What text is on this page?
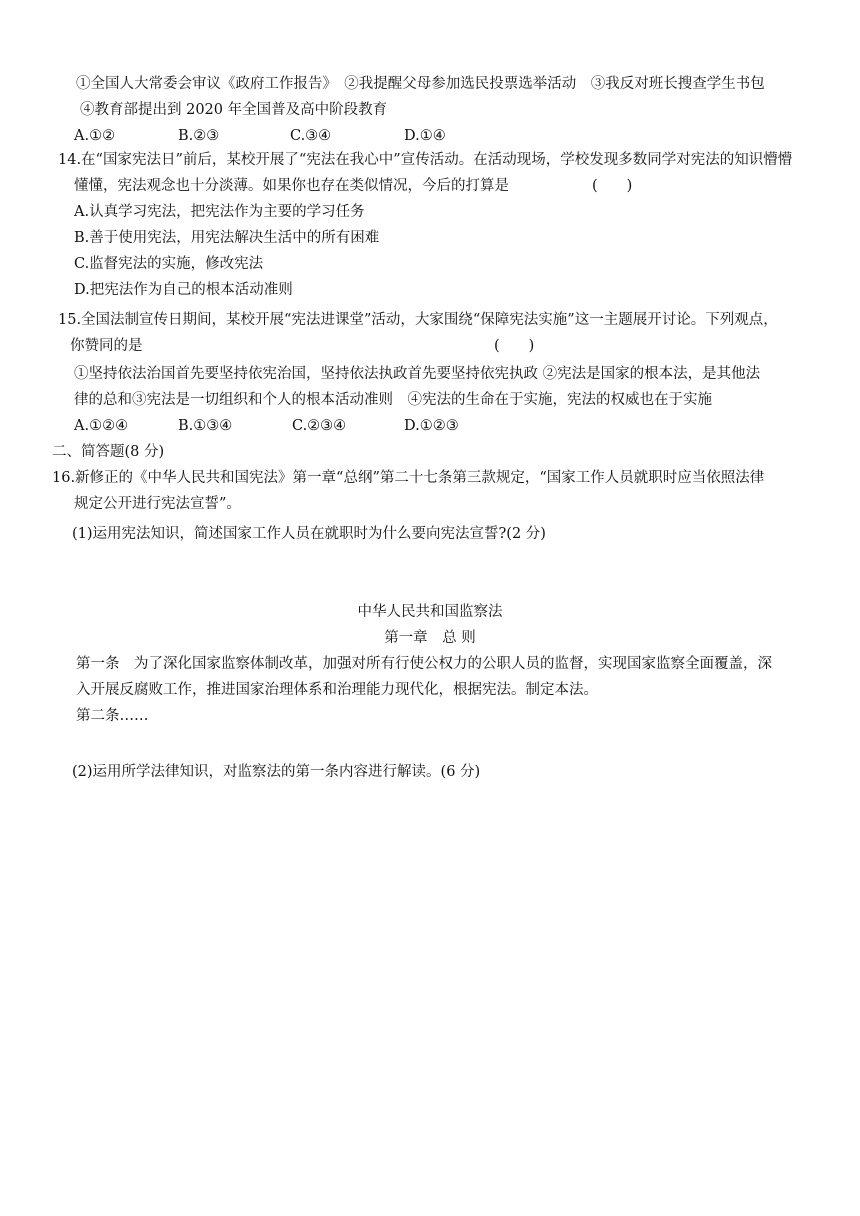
①全国人大常委会审议《政府工作报告》　②我提醒父母参加选民投票选举活动　③我反对班长搜查学生书包
④教育部提出到 2020 年全国普及高中阶段教育
A.①②	B.②③	C.③④	D.①④
14.在“国家宪法日”前后，某校开展了“宪法在我心中”宣传活动。在活动现场，学校发现多数同学对宪法的知识懵懵
懂懂，宪法观念也十分淡薄。如果你也存在类似情况，今后的打算是	(　　)
A.认真学习宪法，把宪法作为主要的学习任务
B.善于使用宪法，用宪法解决生活中的所有困难
C.监督宪法的实施，修改宪法
D.把宪法作为自己的根本活动准则
15.全国法制宣传日期间，某校开展“宪法进课堂”活动，大家围绕“保障宪法实施”这一主题展开讨论。下列观点，
你赞同的是	(　　)
①坚持依法治国首先要坚持依宪治国，坚持依法执政首先要坚持依宪执政 ②宪法是国家的根本法，是其他法
律的总和③宪法是一切组织和个人的根本活动准则　④宪法的生命在于实施，宪法的权威也在于实施
A.①②④	B.①③④	C.②③④	D.①②③
二、简答题(8 分)
16.新修正的《中华人民共和国宪法》第一章“总纲”第二十七条第三款规定，“国家工作人员就职时应当依照法律
规定公开进行宪法宣誓”。
(1)运用宪法知识，简述国家工作人员在就职时为什么要向宪法宣誓?(2 分)
中华人民共和国监察法
第一章　总 则
第一条　为了深化国家监察体制改革，加强对所有行使公权力的公职人员的监督，实现国家监察全面覆盖，深
入开展反腐败工作，推进国家治理体系和治理能力现代化，根据宪法。制定本法。
第二条……
(2)运用所学法律知识，对监察法的第一条内容进行解读。(6 分)
